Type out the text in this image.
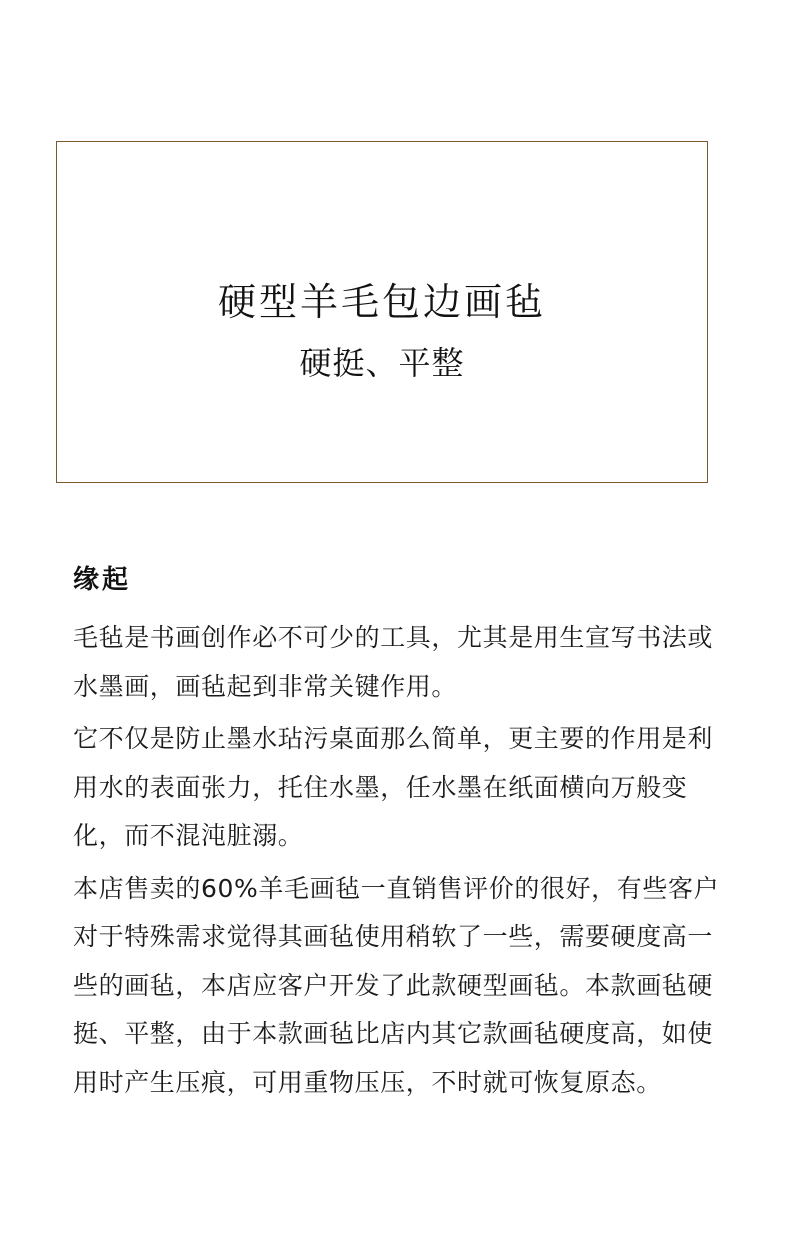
硬型羊毛包边画毡
硬挺、平整
缘起

毛毡是书画创作必不可少的工具，尤其是用生宣写书法或水墨画，画毡起到非常关键作用。

它不仅是防止墨水玷污桌面那么简单，更主要的作用是利用水的表面张力，托住水墨，任水墨在纸面横向万般变化，而不混沌脏溺。

本店售卖的60%羊毛画毡一直销售评价的很好，有些客户对于特殊需求觉得其画毡使用稍软了一些，需要硬度高一些的画毡，本店应客户开发了此款硬型画毡。本款画毡硬挺、平整，由于本款画毡比店内其它款画毡硬度高，如使用时产生压痕，可用重物压压，不时就可恢复原态。
